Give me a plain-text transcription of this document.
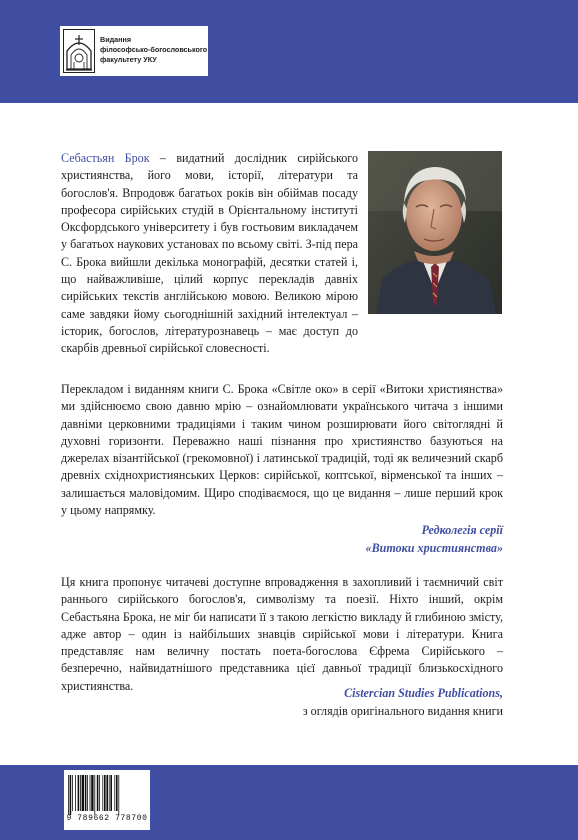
Видання
філософсько-богословського
факультету УКУ
Себастьян Брок – видатний дослідник сирійського християнства, його мови, історії, літератури та богослов'я. Впродовж багатьох років він обіймав посаду професора сирійських студій в Орієнтальному інституті Оксфордського університету і був гостьовим викладачем у багатьох наукових установах по всьому світі. З-під пера С. Брока вийшли декілька монографій, десятки статей і, що найважливіше, цілий корпус перекладів давніх сирійських текстів англійською мовою. Великою мірою саме завдяки йому сьогоднішній західний інтелектуал – історик, богослов, літературознавець – має доступ до скарбів древньої сирійської словесності.
Перекладом і виданням книги С. Брока «Світле око» в серії «Витоки християнства» ми здійснюємо свою давню мрію – ознайомлювати українського читача з іншими давніми церковними традиціями і таким чином розширювати його світоглядні й духовні горизонти. Переважно наші пізнання про християнство базуються на джерелах візантійської (грекомовної) і латинської традицій, тоді як величезний скарб древніх східнохристиянських Церков: сирійської, коптської, вірменської та інших – залишається маловідомим. Щиро сподіваємося, що це видання – лише перший крок у цьому напрямку.
Редколегія серії
«Витоки християнства»
Ця книга пропонує читачеві доступне впровадження в захопливий і таємничий світ раннього сирійського богослов'я, символізму та поезії. Ніхто інший, окрім Себастьяна Брока, не міг би написати її з такою легкістю викладу й глибиною змісту, адже автор – один із найбільших знавців сирійської мови і літератури. Книга представляє нам величну постать поета-богослова Єфрема Сирійського – безперечно, найвидатнішого представника цієї давньої традиції близькосхідного християнства.
Cistercian Studies Publications,
з оглядів оригінального видання книги
9 789662 778700
